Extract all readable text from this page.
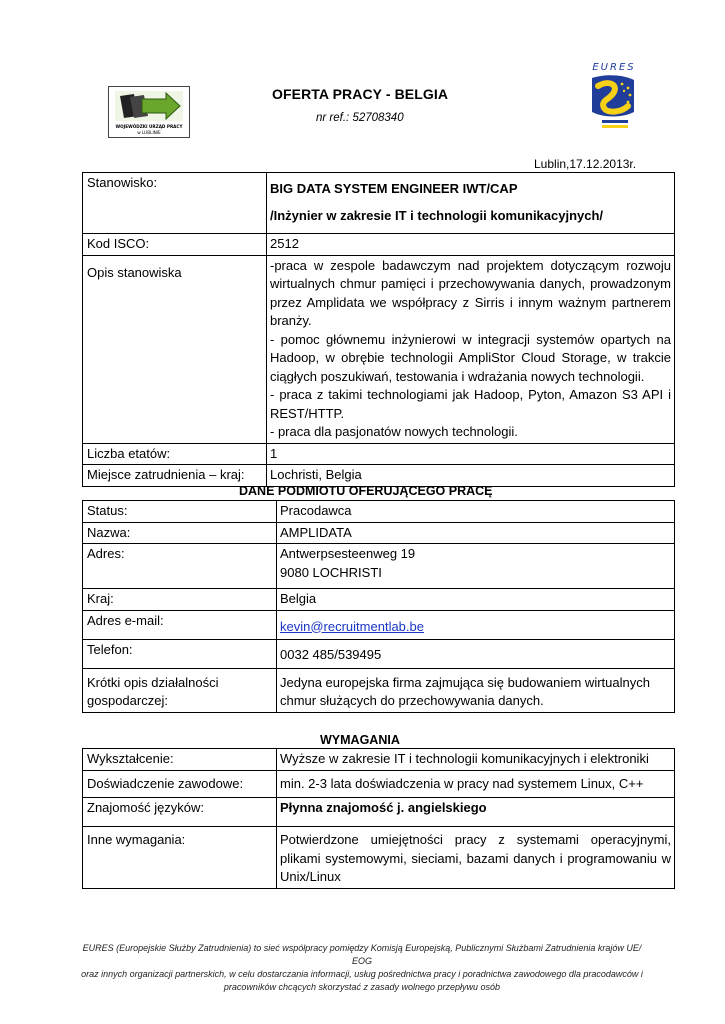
WOJEWÓDZKI URZĄD PRACY
w LUBLINIE
EURES
OFERTA PRACY - BELGIA
nr ref.: 52708340
Lublin,17.12.2013r.
Stanowisko:	BIG DATA SYSTEM ENGINEER IWT/CAP
/Inżynier w zakresie IT i technologii komunikacyjnych/

Kod ISCO:	2512

Opis stanowiska	-praca w zespole badawczym nad projektem dotyczącym rozwoju wirtualnych chmur pamięci i przechowywania danych, prowadzonym przez Amplidata we współpracy z Sirris i innym ważnym partnerem branży.
- pomoc głównemu inżynierowi w integracji systemów opartych na Hadoop, w obrębie technologii AmpliStor Cloud Storage, w trakcie ciągłych poszukiwań, testowania i wdrażania nowych technologii.
- praca z takimi technologiami jak Hadoop, Pyton, Amazon S3 API i REST/HTTP.
- praca dla pasjonatów nowych technologii.

Liczba etatów:	1
Miejsce zatrudnienia – kraj:	Lochristi, Belgia
DANE PODMIOTU OFERUJĄCEGO PRACĘ
Status:	Pracodawca
Nazwa:	AMPLIDATA
Adres:	Antwerpsesteenweg 19
9080 LOCHRISTI

Kraj:	Belgia
Adres e-mail:	kevin@recruitmentlab.be

Telefon:	0032 485/539495

Krótki opis działalności gospodarczej:	Jedyna europejska firma zajmująca się budowaniem wirtualnych chmur służących do przechowywania danych.
WYMAGANIA
Wykształcenie:	Wyższe w zakresie IT i technologii komunikacyjnych i elektroniki
Doświadczenie zawodowe:	min. 2-3 lata doświadczenia w pracy nad systemem Linux, C++
Znajomość języków:	Płynna znajomość j. angielskiego
Inne wymagania:	Potwierdzone umiejętności pracy z systemami operacyjnymi, plikami systemowymi, sieciami, bazami danych i programowaniu w Unix/Linux
EURES (Europejskie Służby Zatrudnienia) to sieć współpracy pomiędzy Komisją Europejską, Publicznymi Służbami Zatrudnienia krajów UE/ EOG
oraz innych organizacji partnerskich, w celu dostarczania informacji, usług pośrednictwa pracy i poradnictwa zawodowego dla pracodawców i
pracowników chcących skorzystać z zasady wolnego przepływu osób
